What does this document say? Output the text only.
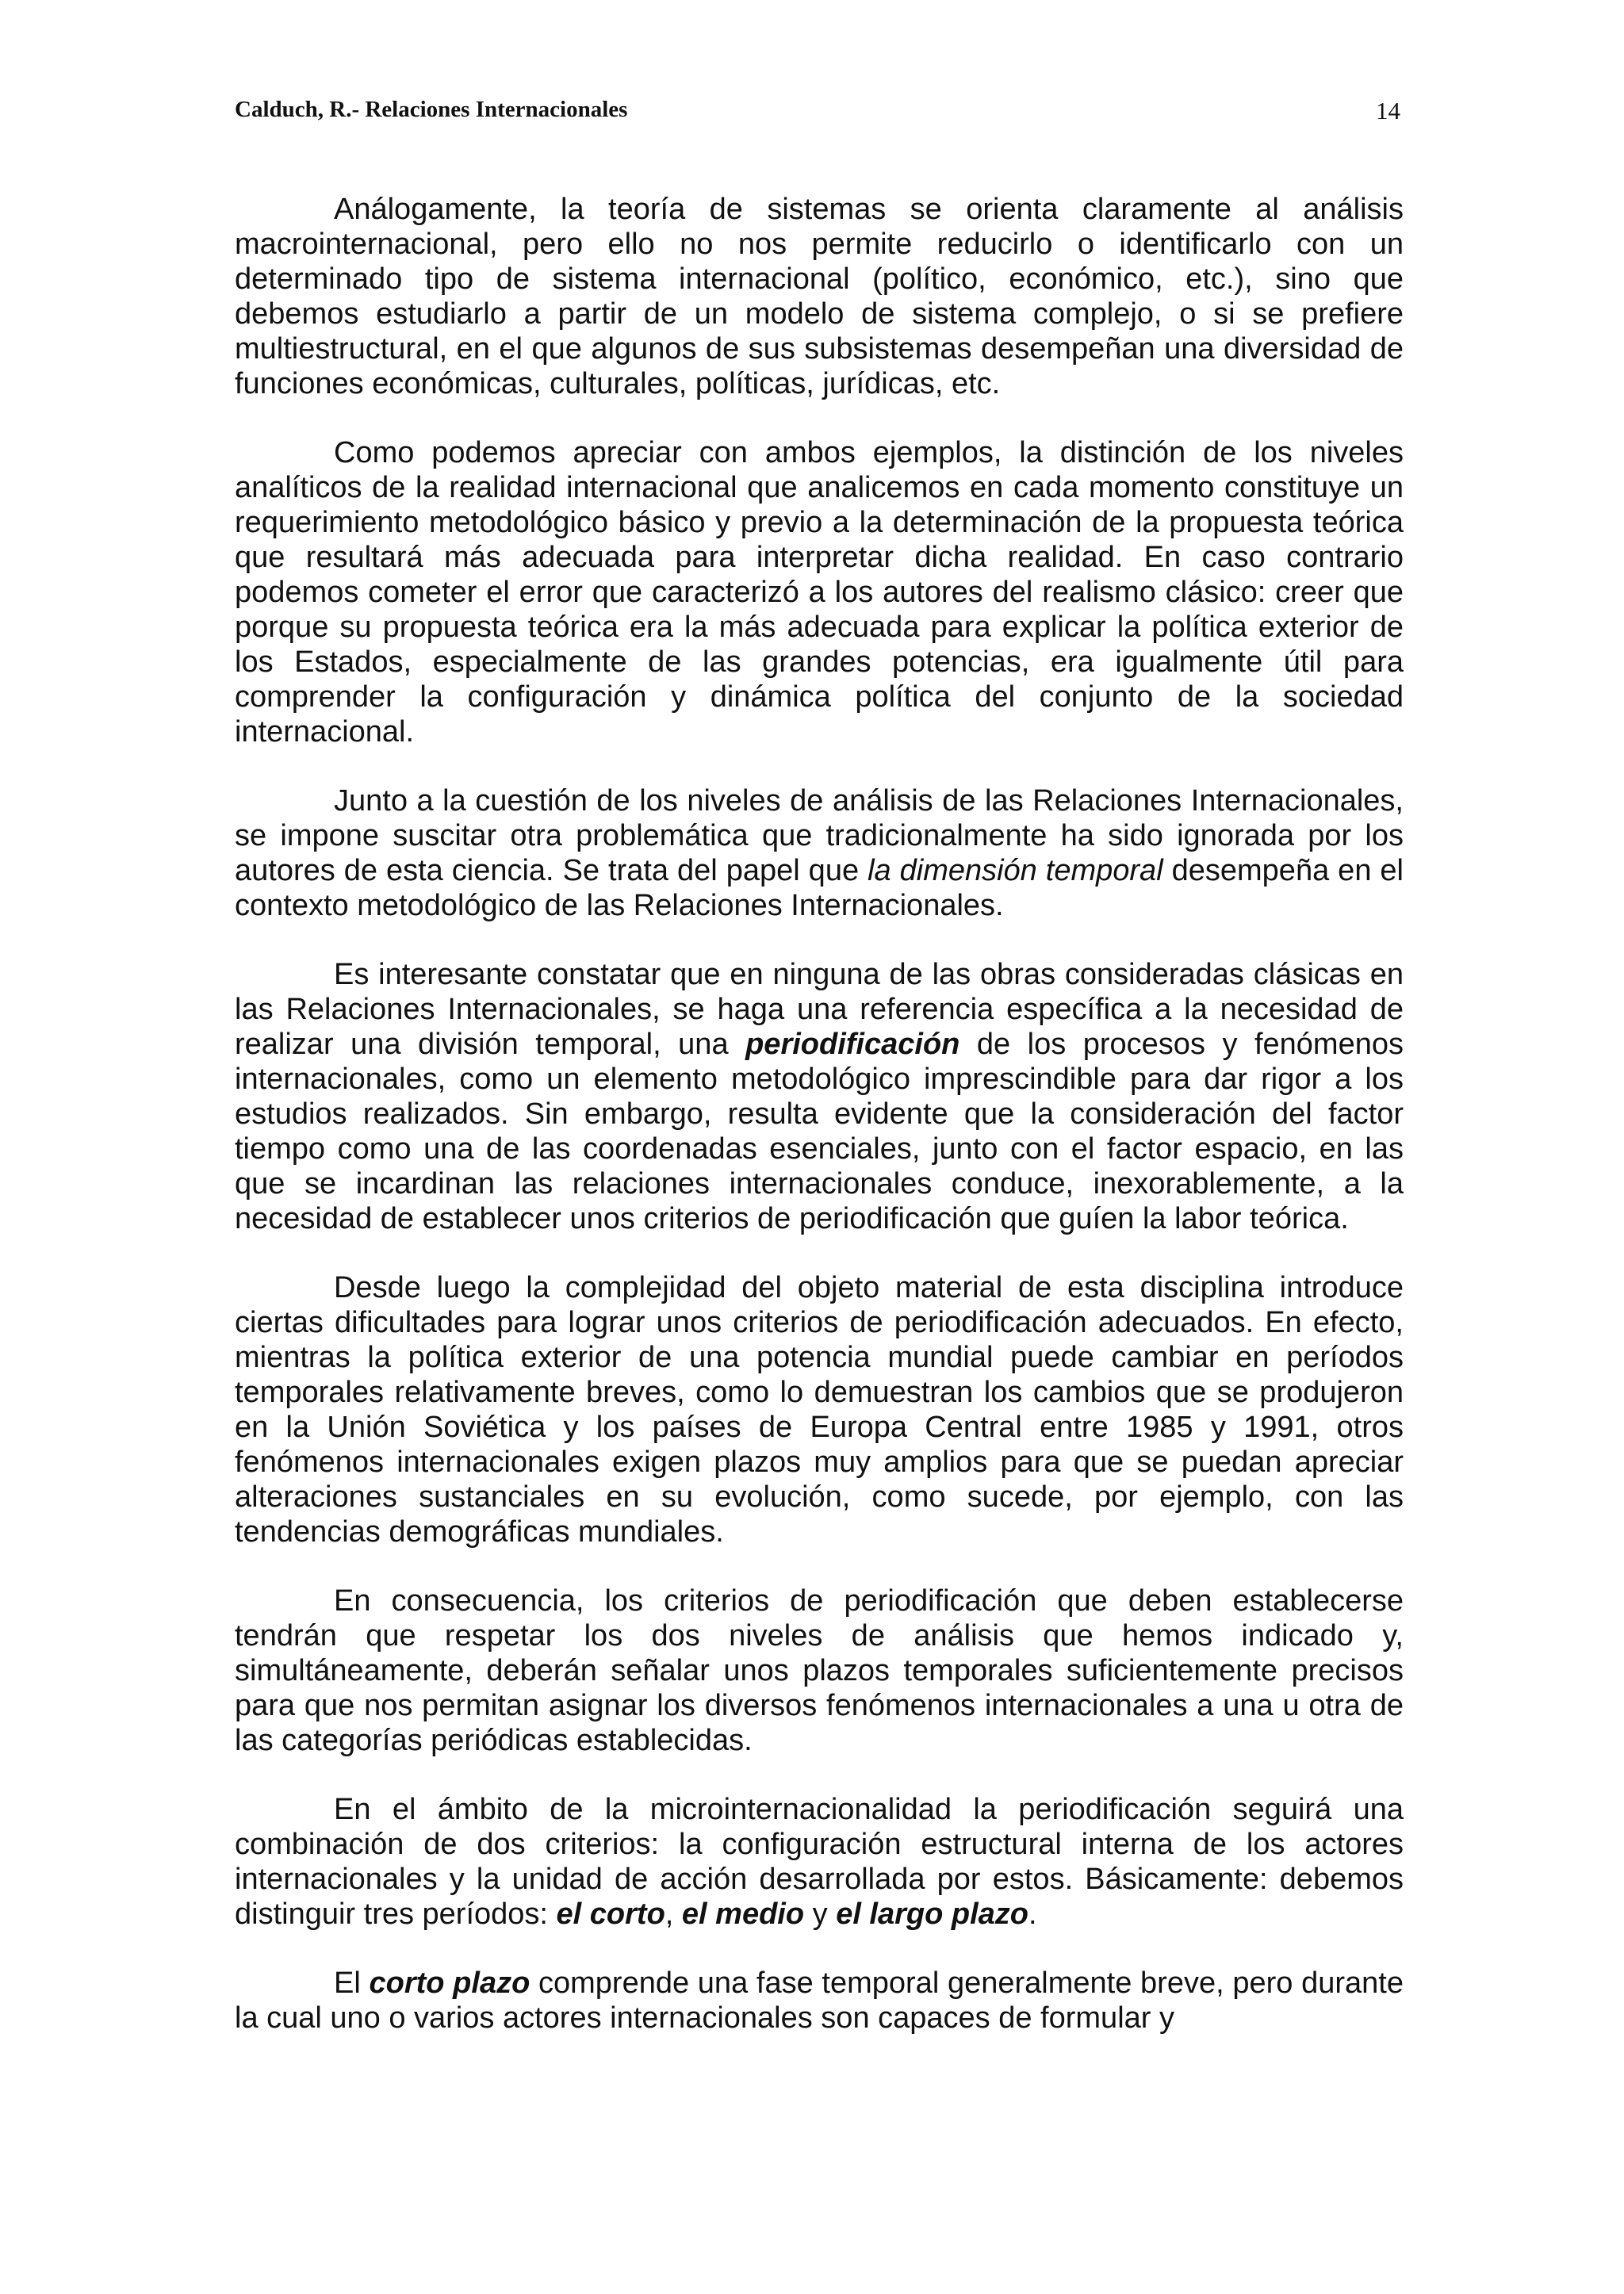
Calduch, R.- Relaciones Internacionales	14

Análogamente, la teoría de sistemas se orienta claramente al análisis macrointernacional, pero ello no nos permite reducirlo o identificarlo con un determinado tipo de sistema internacional (político, económico, etc.), sino que debemos estudiarlo a partir de un modelo de sistema complejo, o si se prefiere multiestructural, en el que algunos de sus subsistemas desempeñan una diversidad de funciones económicas, culturales, políticas, jurídicas, etc.

Como podemos apreciar con ambos ejemplos, la distinción de los niveles analíticos de la realidad internacional que analicemos en cada momento constituye un requerimiento metodológico básico y previo a la determinación de la propuesta teórica que resultará más adecuada para interpretar dicha realidad. En caso contrario podemos cometer el error que caracterizó a los autores del realismo clásico: creer que porque su propuesta teórica era la más adecuada para explicar la política exterior de los Estados, especialmente de las grandes potencias, era igualmente útil para comprender la configuración y dinámica política del conjunto de la sociedad internacional.

Junto a la cuestión de los niveles de análisis de las Relaciones Internacionales, se impone suscitar otra problemática que tradicionalmente ha sido ignorada por los autores de esta ciencia. Se trata del papel que la dimensión temporal desempeña en el contexto metodológico de las Relaciones Internacionales.

Es interesante constatar que en ninguna de las obras consideradas clásicas en las Relaciones Internacionales, se haga una referencia específica a la necesidad de realizar una división temporal, una periodificación de los procesos y fenómenos internacionales, como un elemento metodológico imprescindible para dar rigor a los estudios realizados. Sin embargo, resulta evidente que la consideración del factor tiempo como una de las coordenadas esenciales, junto con el factor espacio, en las que se incardinan las relaciones internacionales conduce, inexorablemente, a la necesidad de establecer unos criterios de periodificación que guíen la labor teórica.

Desde luego la complejidad del objeto material de esta disciplina introduce ciertas dificultades para lograr unos criterios de periodificación adecuados. En efecto, mientras la política exterior de una potencia mundial puede cambiar en períodos temporales relativamente breves, como lo demuestran los cambios que se produjeron en la Unión Soviética y los países de Europa Central entre 1985 y 1991, otros fenómenos internacionales exigen plazos muy amplios para que se puedan apreciar alteraciones sustanciales en su evolución, como sucede, por ejemplo, con las tendencias demográficas mundiales.

En consecuencia, los criterios de periodificación que deben establecerse tendrán que respetar los dos niveles de análisis que hemos indicado y, simultáneamente, deberán señalar unos plazos temporales suficientemente precisos para que nos permitan asignar los diversos fenómenos internacionales a una u otra de las categorías periódicas establecidas.

En el ámbito de la microinternacionalidad la periodificación seguirá una combinación de dos criterios: la configuración estructural interna de los actores internacionales y la unidad de acción desarrollada por estos. Básicamente: debemos distinguir tres períodos: el corto, el medio y el largo plazo.

El corto plazo comprende una fase temporal generalmente breve, pero durante la cual uno o varios actores internacionales son capaces de formular y
